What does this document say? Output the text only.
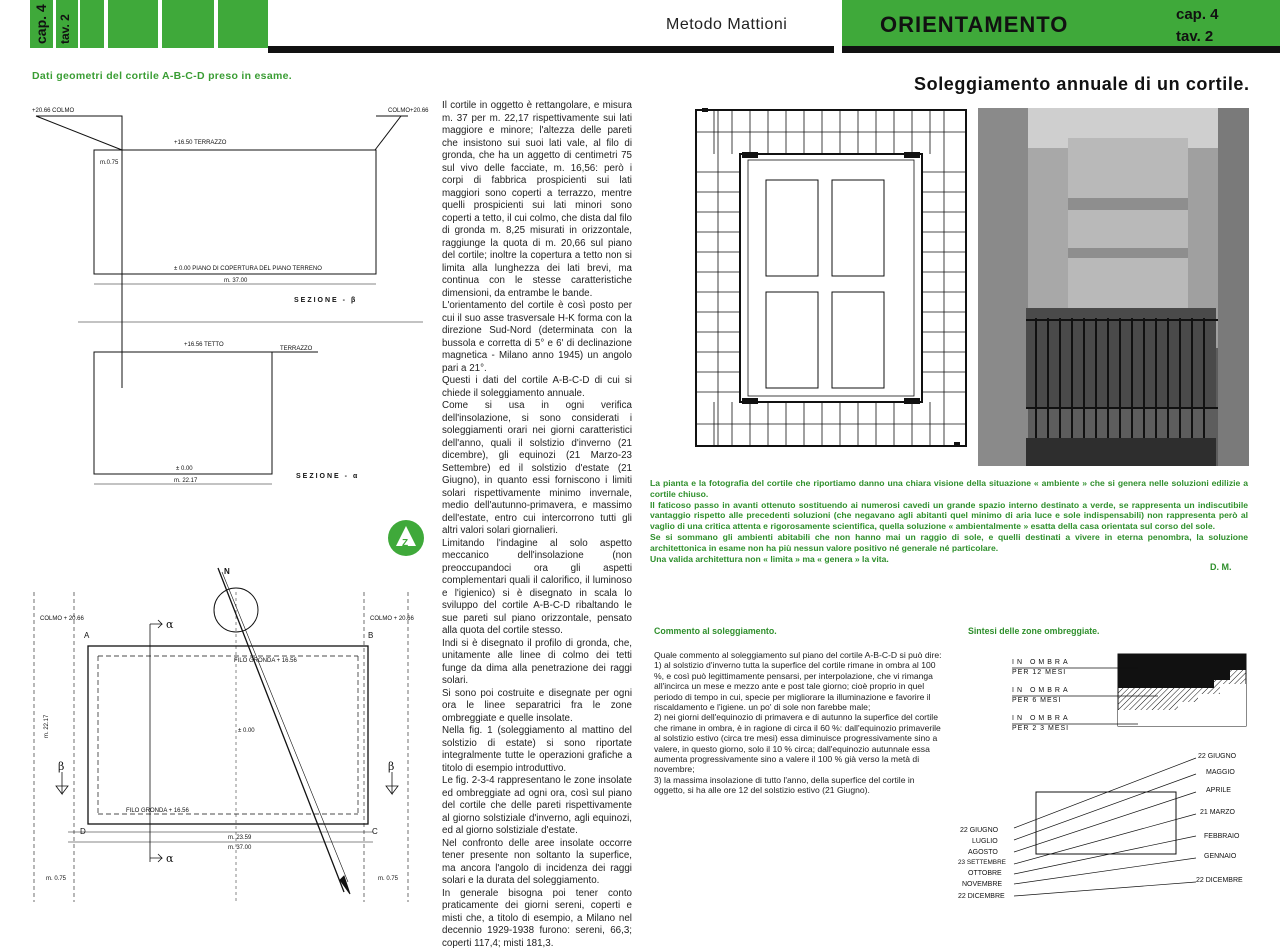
cap. 4 tav. 2	Metodo Mattioni	ORIENTAMENTO	cap. 4
tav. 2
Dati geometri del cortile A-B-C-D preso in esame.
+20.66 COLMO	COLMO+20.66
+16.50 TERRAZZO
m.0.75
± 0.00 PIANO DI COPERTURA DEL PIANO TERRENO
m. 37.00
+16.56 TETTO
TERRAZZO
± 0.00
m. 22.17
SEZIONE - β
SEZIONE - α
Z
COLMO + 20.66	COLMO + 20.66
A	B
D	C
FILO GRONDA + 16.56
FILO GRONDA + 16.56
± 0.00
m. 23.59
m. 37.00
m. 0.75	m. 0.75
N
m. 22.17
α
α
β	β

Il cortile in oggetto è rettangolare, e misura m. 37 per m. 22,17 rispettivamente sui lati maggiore e minore; l'altezza delle pareti che insistono sui suoi lati vale, al filo di gronda, che ha un aggetto di centimetri 75 sul vivo delle facciate, m. 16,56: però i corpi di fabbrica prospicienti sui lati maggiori sono coperti a terrazzo, mentre quelli prospicienti sui lati minori sono coperti a tetto, il cui colmo, che dista dal filo di gronda m. 8,25 misurati in orizzontale, raggiunge la quota di m. 20,66 sul piano del cortile; inoltre la copertura a tetto non si limita alla lunghezza dei lati brevi, ma continua con le stesse caratteristiche dimensioni, da entrambe le bande.

L'orientamento del cortile è così posto per cui il suo asse trasversale H-K forma con la direzione Sud-Nord (determinata con la bussola e corretta di 5° e 6' di declinazione magnetica - Milano anno 1945) un angolo pari a 21°.

Questi i dati del cortile A-B-C-D di cui si chiede il soleggiamento annuale.

Come si usa in ogni verifica dell'insolazione, si sono considerati i soleggiamenti orari nei giorni caratteristici dell'anno, quali il solstizio d'inverno (21 dicembre), gli equinozi (21 Marzo-23 Settembre) ed il solstizio d'estate (21 Giugno), in quanto essi forniscono i limiti solari rispettivamente minimo invernale, medio dell'autunno-primavera, e massimo dell'estate, entro cui intercorrono tutti gli altri valori solari giornalieri.

Limitando l'indagine al solo aspetto meccanico dell'insolazione (non preoccupandoci ora gli aspetti complementari quali il calorifico, il luminoso e l'igienico) si è disegnato in scala lo sviluppo del cortile A-B-C-D ribaltando le sue pareti sul piano orizzontale, pensato alla quota del cortile stesso.

Indi si è disegnato il profilo di gronda, che, unitamente alle linee di colmo dei tetti funge da dima alla penetrazione dei raggi solari.

Si sono poi costruite e disegnate per ogni ora le linee separatrici fra le zone ombreggiate e quelle insolate.

Nella fig. 1 (soleggiamento al mattino del solstizio di estate) si sono riportate integralmente tutte le operazioni grafiche a titolo di esempio introduttivo.

Le fig. 2-3-4 rappresentano le zone insolate ed ombreggiate ad ogni ora, così sul piano del cortile che delle pareti rispettivamente al giorno solstiziale d'inverno, agli equinozi, ed al giorno solstiziale d'estate.

Nel confronto delle aree insolate occorre tener presente non soltanto la superfice, ma ancora l'angolo di incidenza dei raggi solari e la durata del soleggiamento.

In generale bisogna poi tener conto praticamente dei giorni sereni, coperti e misti che, a titolo di esempio, a Milano nel decennio 1929-1938 furono: sereni, 66,3; coperti 117,4; misti 181,3.

Soleggiamento annuale di un cortile.

La pianta e la fotografia del cortile che riportiamo danno una chiara visione della situazione « ambiente » che si genera nelle soluzioni edilizie a cortile chiuso.

Il faticoso passo in avanti ottenuto sostituendo ai numerosi cavedi un grande spazio interno destinato a verde, se rappresenta un indiscutibile vantaggio rispetto alle precedenti soluzioni (che negavano agli abitanti quel minimo di aria luce e sole indispensabili) non rappresenta però al vaglio di una critica attenta e rigorosamente scientifica, quella soluzione « ambientalmente » esatta della casa orientata sul corso del sole.

Se si sommano gli ambienti abitabili che non hanno mai un raggio di sole, e quelli destinati a vivere in eterna penombra, la soluzione architettonica in esame non ha più nessun valore positivo né generale né particolare.

Una valida architettura non « limita » ma « genera » la vita.

D. M.
Commento al soleggiamento.	Sintesi delle zone ombreggiate.

Quale commento al soleggiamento sul piano del cortile A-B-C-D si può dire:

1) al solstizio d'inverno tutta la superfice del cortile rimane in ombra al 100 %, e così può legittimamente pensarsi, per interpolazione, che vi rimanga all'incirca un mese e mezzo ante e post tale giorno; cioè proprio in quel periodo di tempo in cui, specie per migliorare la illuminazione e favorire il riscaldamento e l'igiene. un po' di sole non farebbe male;

2) nei giorni dell'equinozio di primavera e di autunno la superfice del cortile che rimane in ombra, è in ragione di circa il 60 %: dall'equinozio primaverile al solstizio estivo (circa tre mesi) essa diminuisce progressivamente sino a valere, in questo giorno, solo il 10 % circa; dall'equinozio autunnale essa aumenta progressivamente sino a valere il 100 % già verso la metà di novembre;

3) la massima insolazione di tutto l'anno, della superfice del cortile in oggetto, si ha alle ore 12 del solstizio estivo (21 Giugno).

IN OMBRA
PER 12 MESI
IN OMBRA
PER 6 MESI
IN OMBRA
PER 2 3 MESI
22 GIUGNO
LUGLIO
AGOSTO
23 SETTEMBRE
OTTOBRE
NOVEMBRE
22 DICEMBRE
22 GIUGNO
MAGGIO
APRILE
21 MARZO
FEBBRAIO
GENNAIO
22 DICEMBRE
